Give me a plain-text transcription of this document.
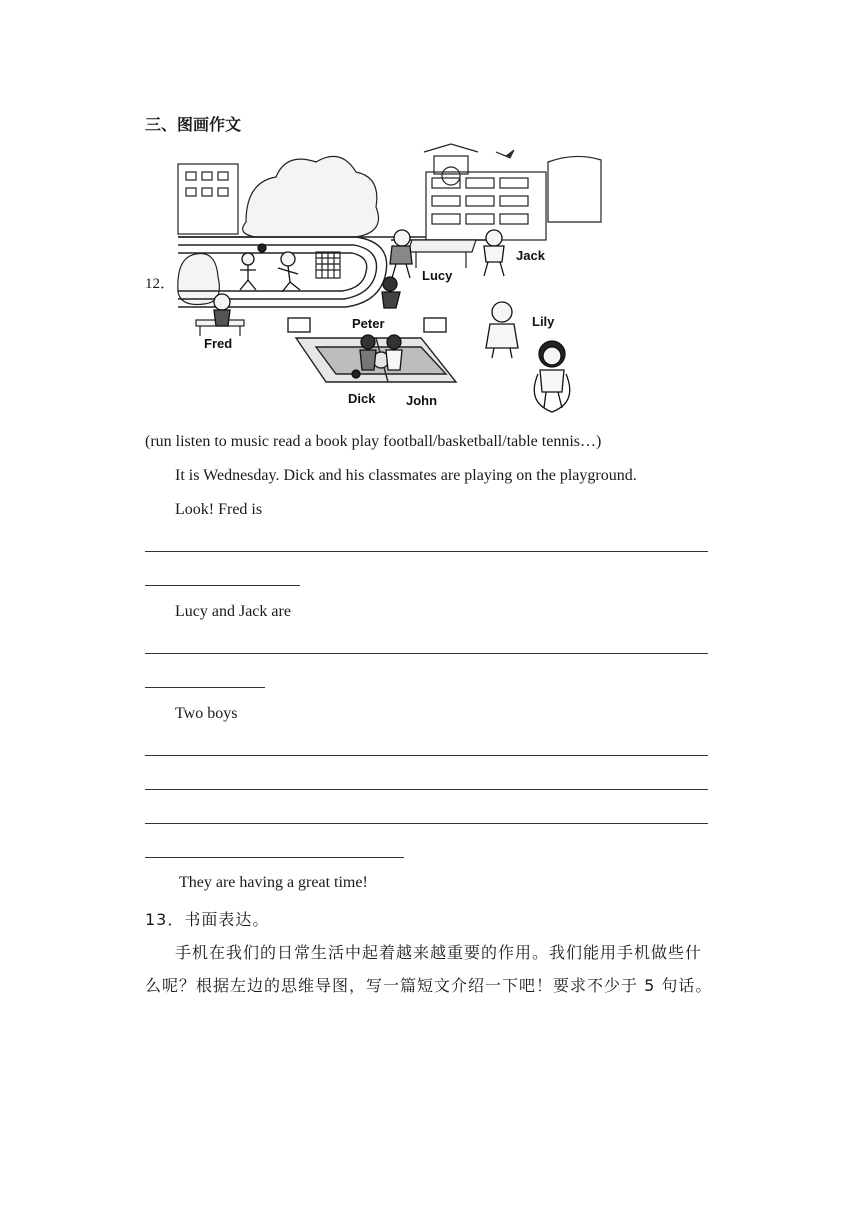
三、图画作文
12．
Jack
Lucy
Lily
Peter
Fred
Dick John
(run listen to music read a book play football/basketball/table tennis…)
It is Wednesday. Dick and his classmates are playing on the playground.
Look! Fred is
Lucy and Jack are
Two boys
They are having a great time!
13．书面表达。
手机在我们的日常生活中起着越来越重要的作用。我们能用手机做些什
么呢？根据左边的思维导图，写一篇短文介绍一下吧！要求不少于 5 句话。
